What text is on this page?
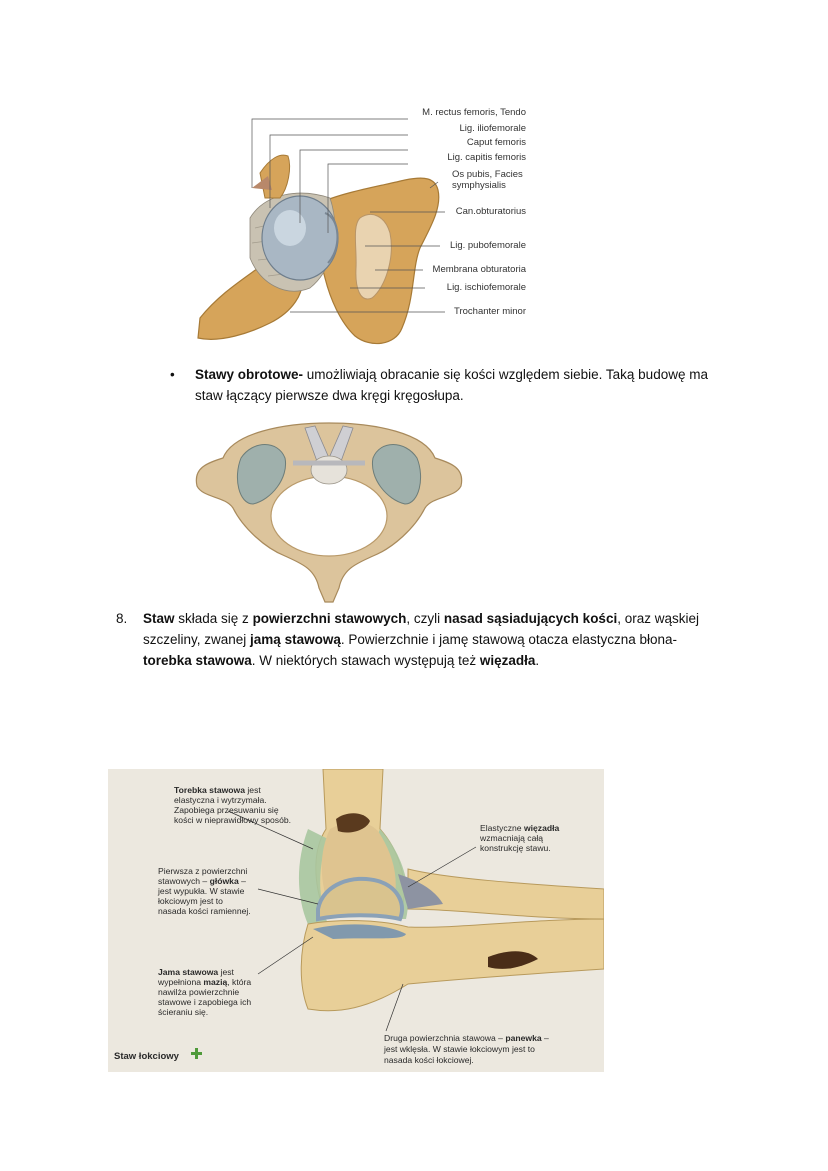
M. rectus femoris, Tendo
Lig. iliofemorale
Caput femoris
Lig. capitis femoris
Os pubis, Facies
symphysialis
Can.obturatorius
Lig. pubofemorale
Membrana obturatoria
Lig. ischiofemorale
Trochanter minor
• Stawy obrotowe- umożliwiają obracanie się kości względem siebie. Taką budowę ma
staw łączący pierwsze dwa kręgi kręgosłupa.
8. Staw składa się z powierzchni stawowych, czyli nasad sąsiadujących kości, oraz wąskiej
szczeliny, zwanej jamą stawową. Powierzchnie i jamę stawową otacza elastyczna błona-
torebka stawowa. W niektórych stawach występują też więzadła.
Torebka stawowa jest
elastyczna i wytrzymała.
Zapobiega przesuwaniu się
kości w nieprawidłowy sposób.
Elastyczne więzadła
wzmacniają całą
konstrukcję stawu.
Pierwsza z powierzchni
stawowych – główka –
jest wypukła. W stawie
łokciowym jest to
nasada kości ramiennej.
Jama stawowa jest
wypełniona mazią, która
nawilża powierzchnie
stawowe i zapobiega ich
ścieraniu się.
Druga powierzchnia stawowa – panewka –
jest wklęsła. W stawie łokciowym jest to
nasada kości łokciowej.
Staw łokciowy
